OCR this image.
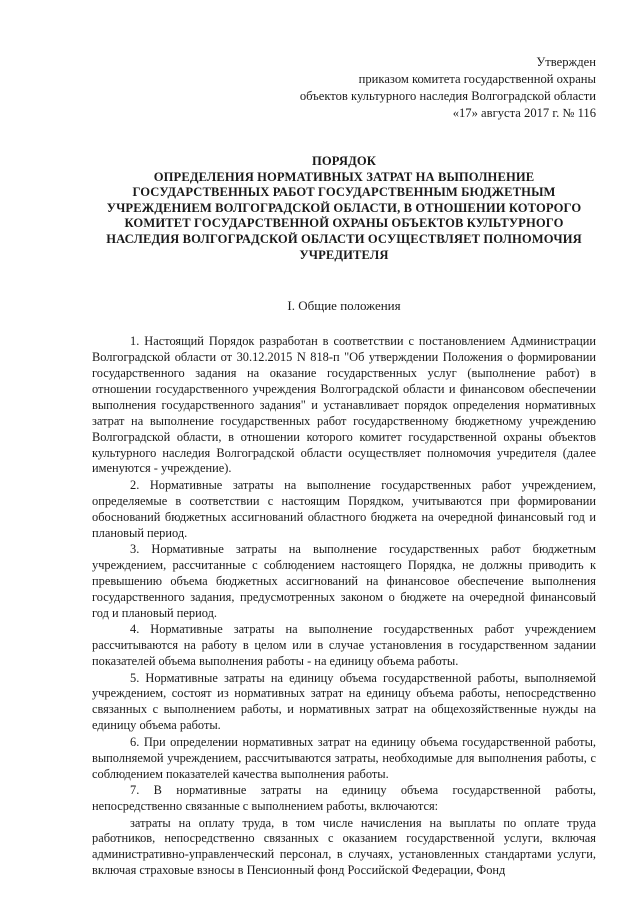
Утвержден
приказом комитета государственной охраны
объектов культурного наследия Волгоградской области
«17» августа 2017 г. № 116
ПОРЯДОК
ОПРЕДЕЛЕНИЯ НОРМАТИВНЫХ ЗАТРАТ НА ВЫПОЛНЕНИЕ
ГОСУДАРСТВЕННЫХ РАБОТ ГОСУДАРСТВЕННЫМ БЮДЖЕТНЫМ
УЧРЕЖДЕНИЕМ ВОЛГОГРАДСКОЙ ОБЛАСТИ, В ОТНОШЕНИИ КОТОРОГО
КОМИТЕТ ГОСУДАРСТВЕННОЙ ОХРАНЫ ОБЪЕКТОВ КУЛЬТУРНОГО
НАСЛЕДИЯ ВОЛГОГРАДСКОЙ ОБЛАСТИ ОСУЩЕСТВЛЯЕТ ПОЛНОМОЧИЯ
УЧРЕДИТЕЛЯ
I. Общие положения

1. Настоящий Порядок разработан в соответствии с постановлением Администрации Волгоградской области от 30.12.2015 N 818-п "Об утверждении Положения о формировании государственного задания на оказание государственных услуг (выполнение работ) в отношении государственного учреждения Волгоградской области и финансовом обеспечении выполнения государственного задания" и устанавливает порядок определения нормативных затрат на выполнение государственных работ государственному бюджетному учреждению Волгоградской области, в отношении которого комитет государственной охраны объектов культурного наследия Волгоградской области осуществляет полномочия учредителя (далее именуются - учреждение).

2. Нормативные затраты на выполнение государственных работ учреждением, определяемые в соответствии с настоящим Порядком, учитываются при формировании обоснований бюджетных ассигнований областного бюджета на очередной финансовый год и плановый период.

3. Нормативные затраты на выполнение государственных работ бюджетным учреждением, рассчитанные с соблюдением настоящего Порядка, не должны приводить к превышению объема бюджетных ассигнований на финансовое обеспечение выполнения государственного задания, предусмотренных законом о бюджете на очередной финансовый год и плановый период.

4. Нормативные затраты на выполнение государственных работ учреждением рассчитываются на работу в целом или в случае установления в государственном задании показателей объема выполнения работы - на единицу объема работы.

5. Нормативные затраты на единицу объема государственной работы, выполняемой учреждением, состоят из нормативных затрат на единицу объема работы, непосредственно связанных с выполнением работы, и нормативных затрат на общехозяйственные нужды на единицу объема работы.

6. При определении нормативных затрат на единицу объема государственной работы, выполняемой учреждением, рассчитываются затраты, необходимые для выполнения работы, с соблюдением показателей качества выполнения работы.

7. В нормативные затраты на единицу объема государственной работы, непосредственно связанные с выполнением работы, включаются:

затраты на оплату труда, в том числе начисления на выплаты по оплате труда работников, непосредственно связанных с оказанием государственной услуги, включая административно-управленческий персонал, в случаях, установленных стандартами услуги, включая страховые взносы в Пенсионный фонд Российской Федерации, Фонд
